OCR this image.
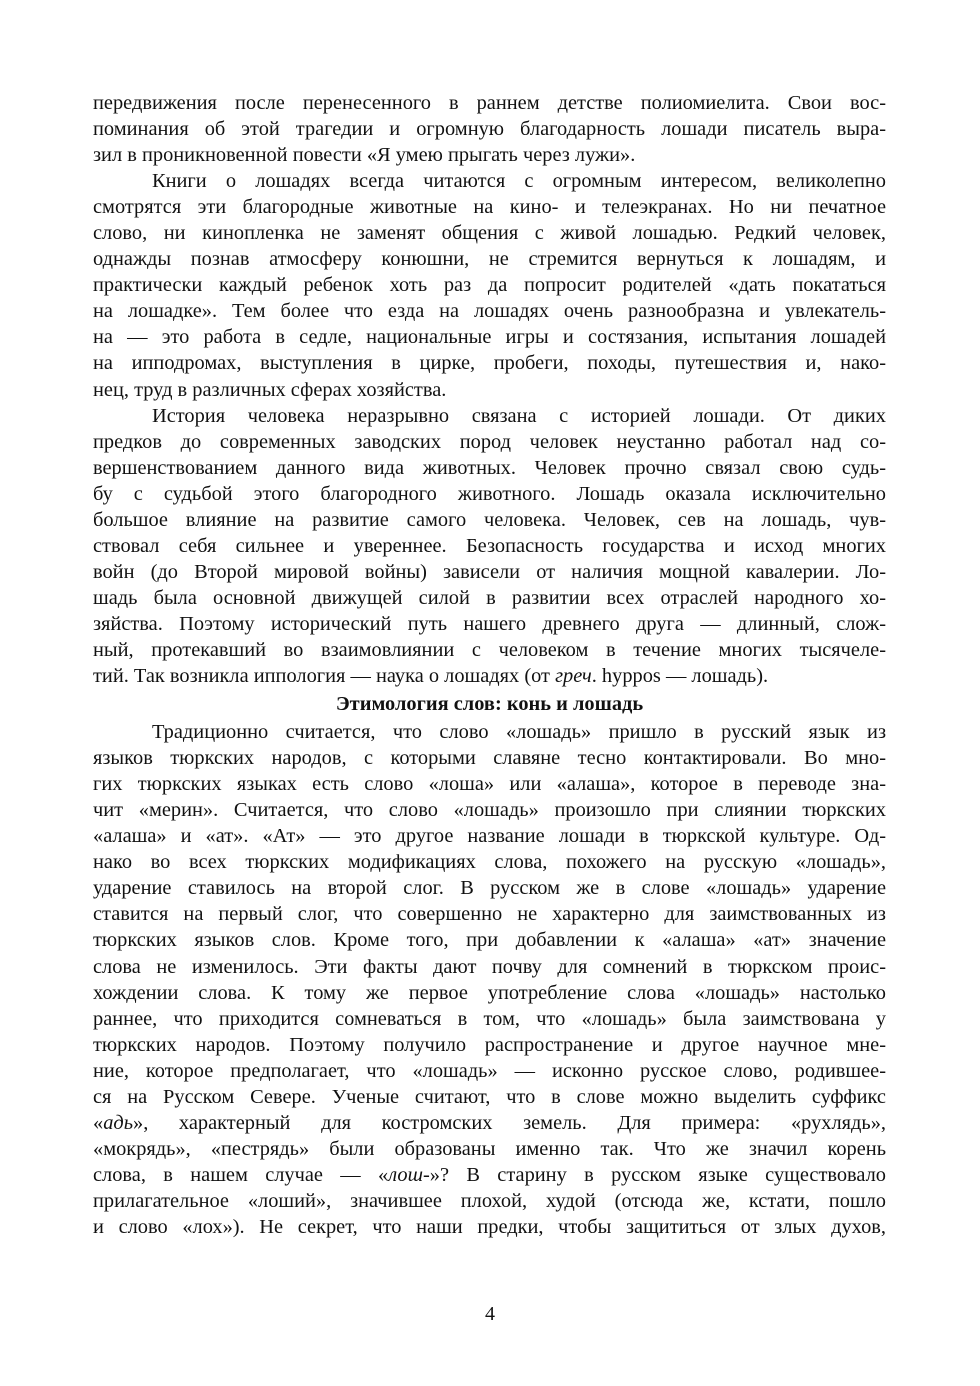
передвижения после перенесенного в раннем детстве полиомиелита. Свои вос-
поминания об этой трагедии и огромную благодарность лошади писатель выра-
зил в проникновенной повести «Я умею прыгать через лужи».
Книги о лошадях всегда читаются с огромным интересом, великолепно
смотрятся эти благородные животные на кино- и телеэкранах. Но ни печатное
слово, ни кинопленка не заменят общения с живой лошадью. Редкий человек,
однажды познав атмосферу конюшни, не стремится вернуться к лошадям, и
практически каждый ребенок хоть раз да попросит родителей «дать покататься
на лошадке». Тем более что езда на лошадях очень разнообразна и увлекатель-
на — это работа в седле, национальные игры и состязания, испытания лошадей
на ипподромах, выступления в цирке, пробеги, походы, путешествия и, нако-
нец, труд в различных сферах хозяйства.
История человека неразрывно связана с историей лошади. От диких
предков до современных заводских пород человек неустанно работал над со-
вершенствованием данного вида животных. Человек прочно связал свою судь-
бу с судьбой этого благородного животного. Лошадь оказала исключительно
большое влияние на развитие самого человека. Человек, сев на лошадь, чув-
ствовал себя сильнее и увереннее. Безопасность государства и исход многих
войн (до Второй мировой войны) зависели от наличия мощной кавалерии. Ло-
шадь была основной движущей силой в развитии всех отраслей народного хо-
зяйства. Поэтому исторический путь нашего древнего друга — длинный, слож-
ный, протекавший во взаимовлиянии с человеком в течение многих тысячеле-
тий. Так возникла иппология — наука о лошадях (от греч. hyppos — лошадь).
Этимология слов: конь и лошадь
Традиционно считается, что слово «лошадь» пришло в русский язык из
языков тюркских народов, с которыми славяне тесно контактировали. Во мно-
гих тюркских языках есть слово «лоша» или «алаша», которое в переводе зна-
чит «мерин». Считается, что слово «лошадь» произошло при слиянии тюркских
«алаша» и «ат». «Ат» — это другое название лошади в тюркской культуре. Од-
нако во всех тюркских модификациях слова, похожего на русскую «лошадь»,
ударение ставилось на второй слог. В русском же в слове «лошадь» ударение
ставится на первый слог, что совершенно не характерно для заимствованных из
тюркских языков слов. Кроме того, при добавлении к «алаша» «ат» значение
слова не изменилось. Эти факты дают почву для сомнений в тюркском проис-
хождении слова. К тому же первое употребление слова «лошадь» настолько
раннее, что приходится сомневаться в том, что «лошадь» была заимствована у
тюркских народов. Поэтому получило распространение и другое научное мне-
ние, которое предполагает, что «лошадь» — исконно русское слово, родившее-
ся на Русском Севере. Ученые считают, что в слове можно выделить суффикс
«адь», характерный для костромских земель. Для примера: «рухлядь»,
«мокрядь», «пестрядь» были образованы именно так. Что же значил корень
слова, в нашем случае — «лош-»? В старину в русском языке существовало
прилагательное «лоший», значившее плохой, худой (отсюда же, кстати, пошло
и слово «лох»). Не секрет, что наши предки, чтобы защититься от злых духов,
4
